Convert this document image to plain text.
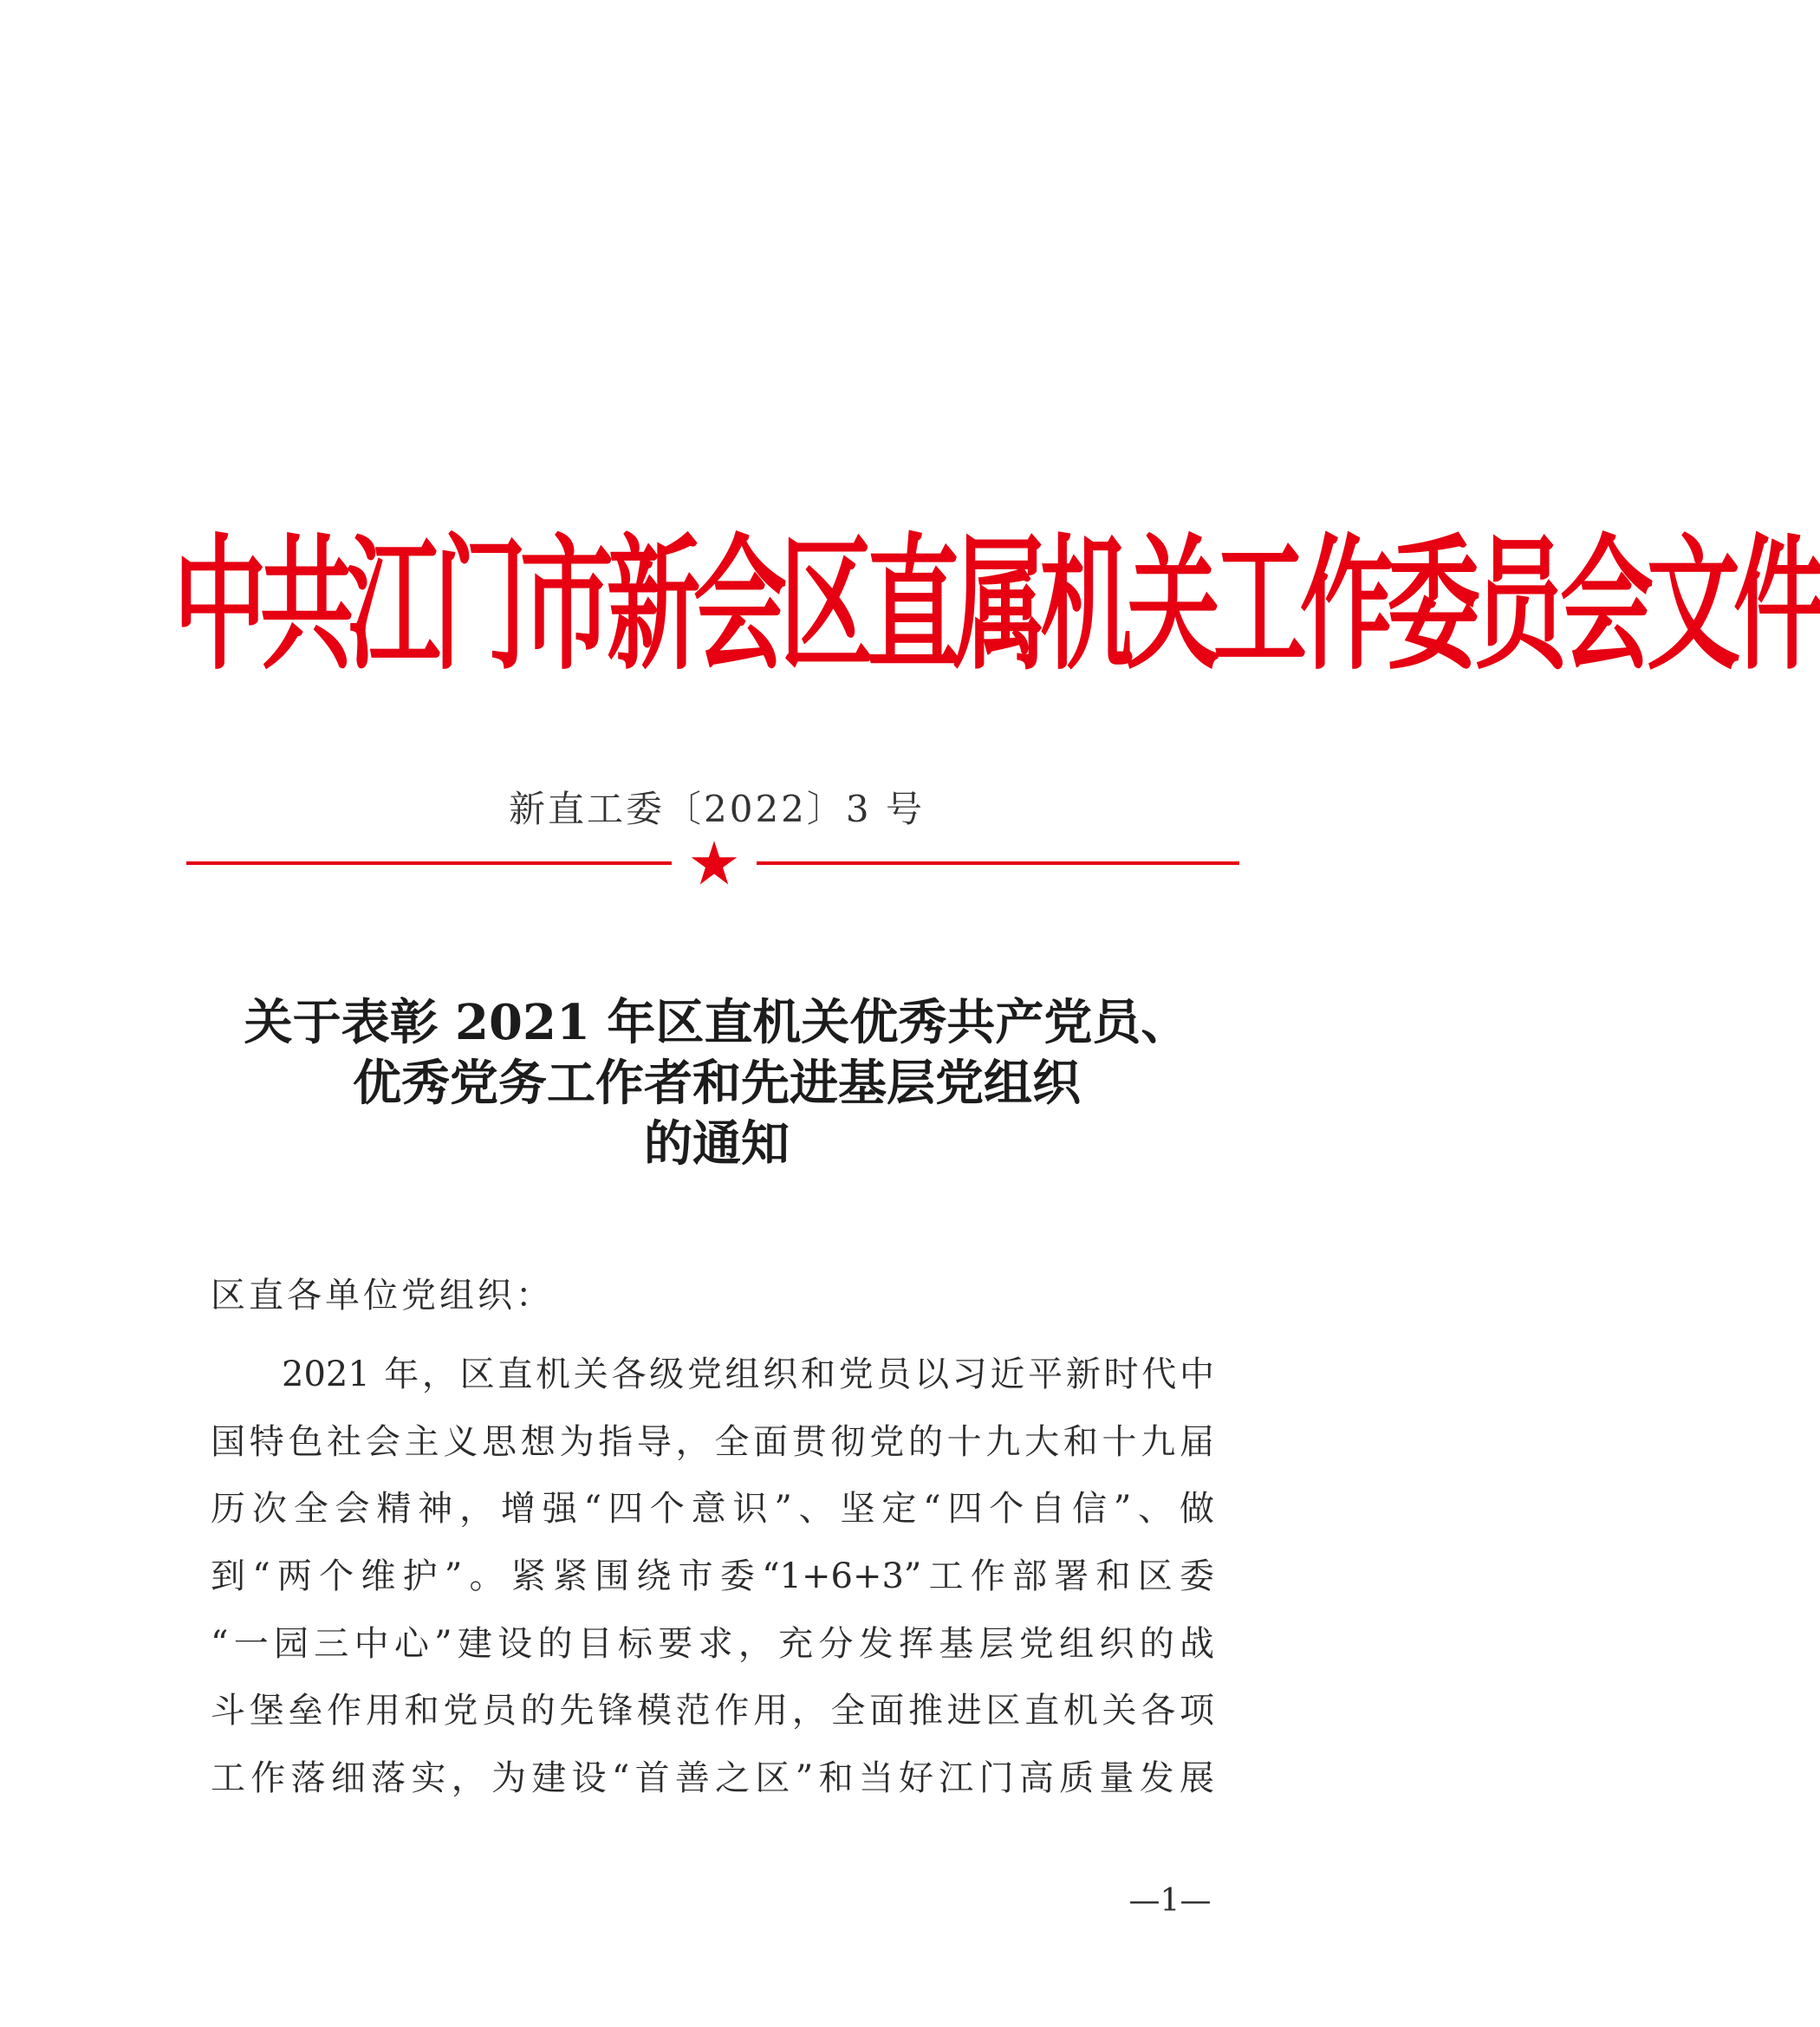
中共江门市新会区直属机关工作委员会文件
新直工委〔2022〕3 号
关于表彰 2021 年区直机关优秀共产党员、
优秀党务工作者和先进基层党组织
的通知
区直各单位党组织：
2021 年，区直机关各级党组织和党员以习近平新时代中
国特色社会主义思想为指导，全面贯彻党的十九大和十九届
历次全会精神，增强“四个意识”、坚定“四个自信”、做
到“两个维护”。紧紧围绕市委“1+6+3”工作部署和区委
“一园三中心”建设的目标要求，充分发挥基层党组织的战
斗堡垒作用和党员的先锋模范作用，全面推进区直机关各项
工作落细落实，为建设“首善之区”和当好江门高质量发展
—1—
